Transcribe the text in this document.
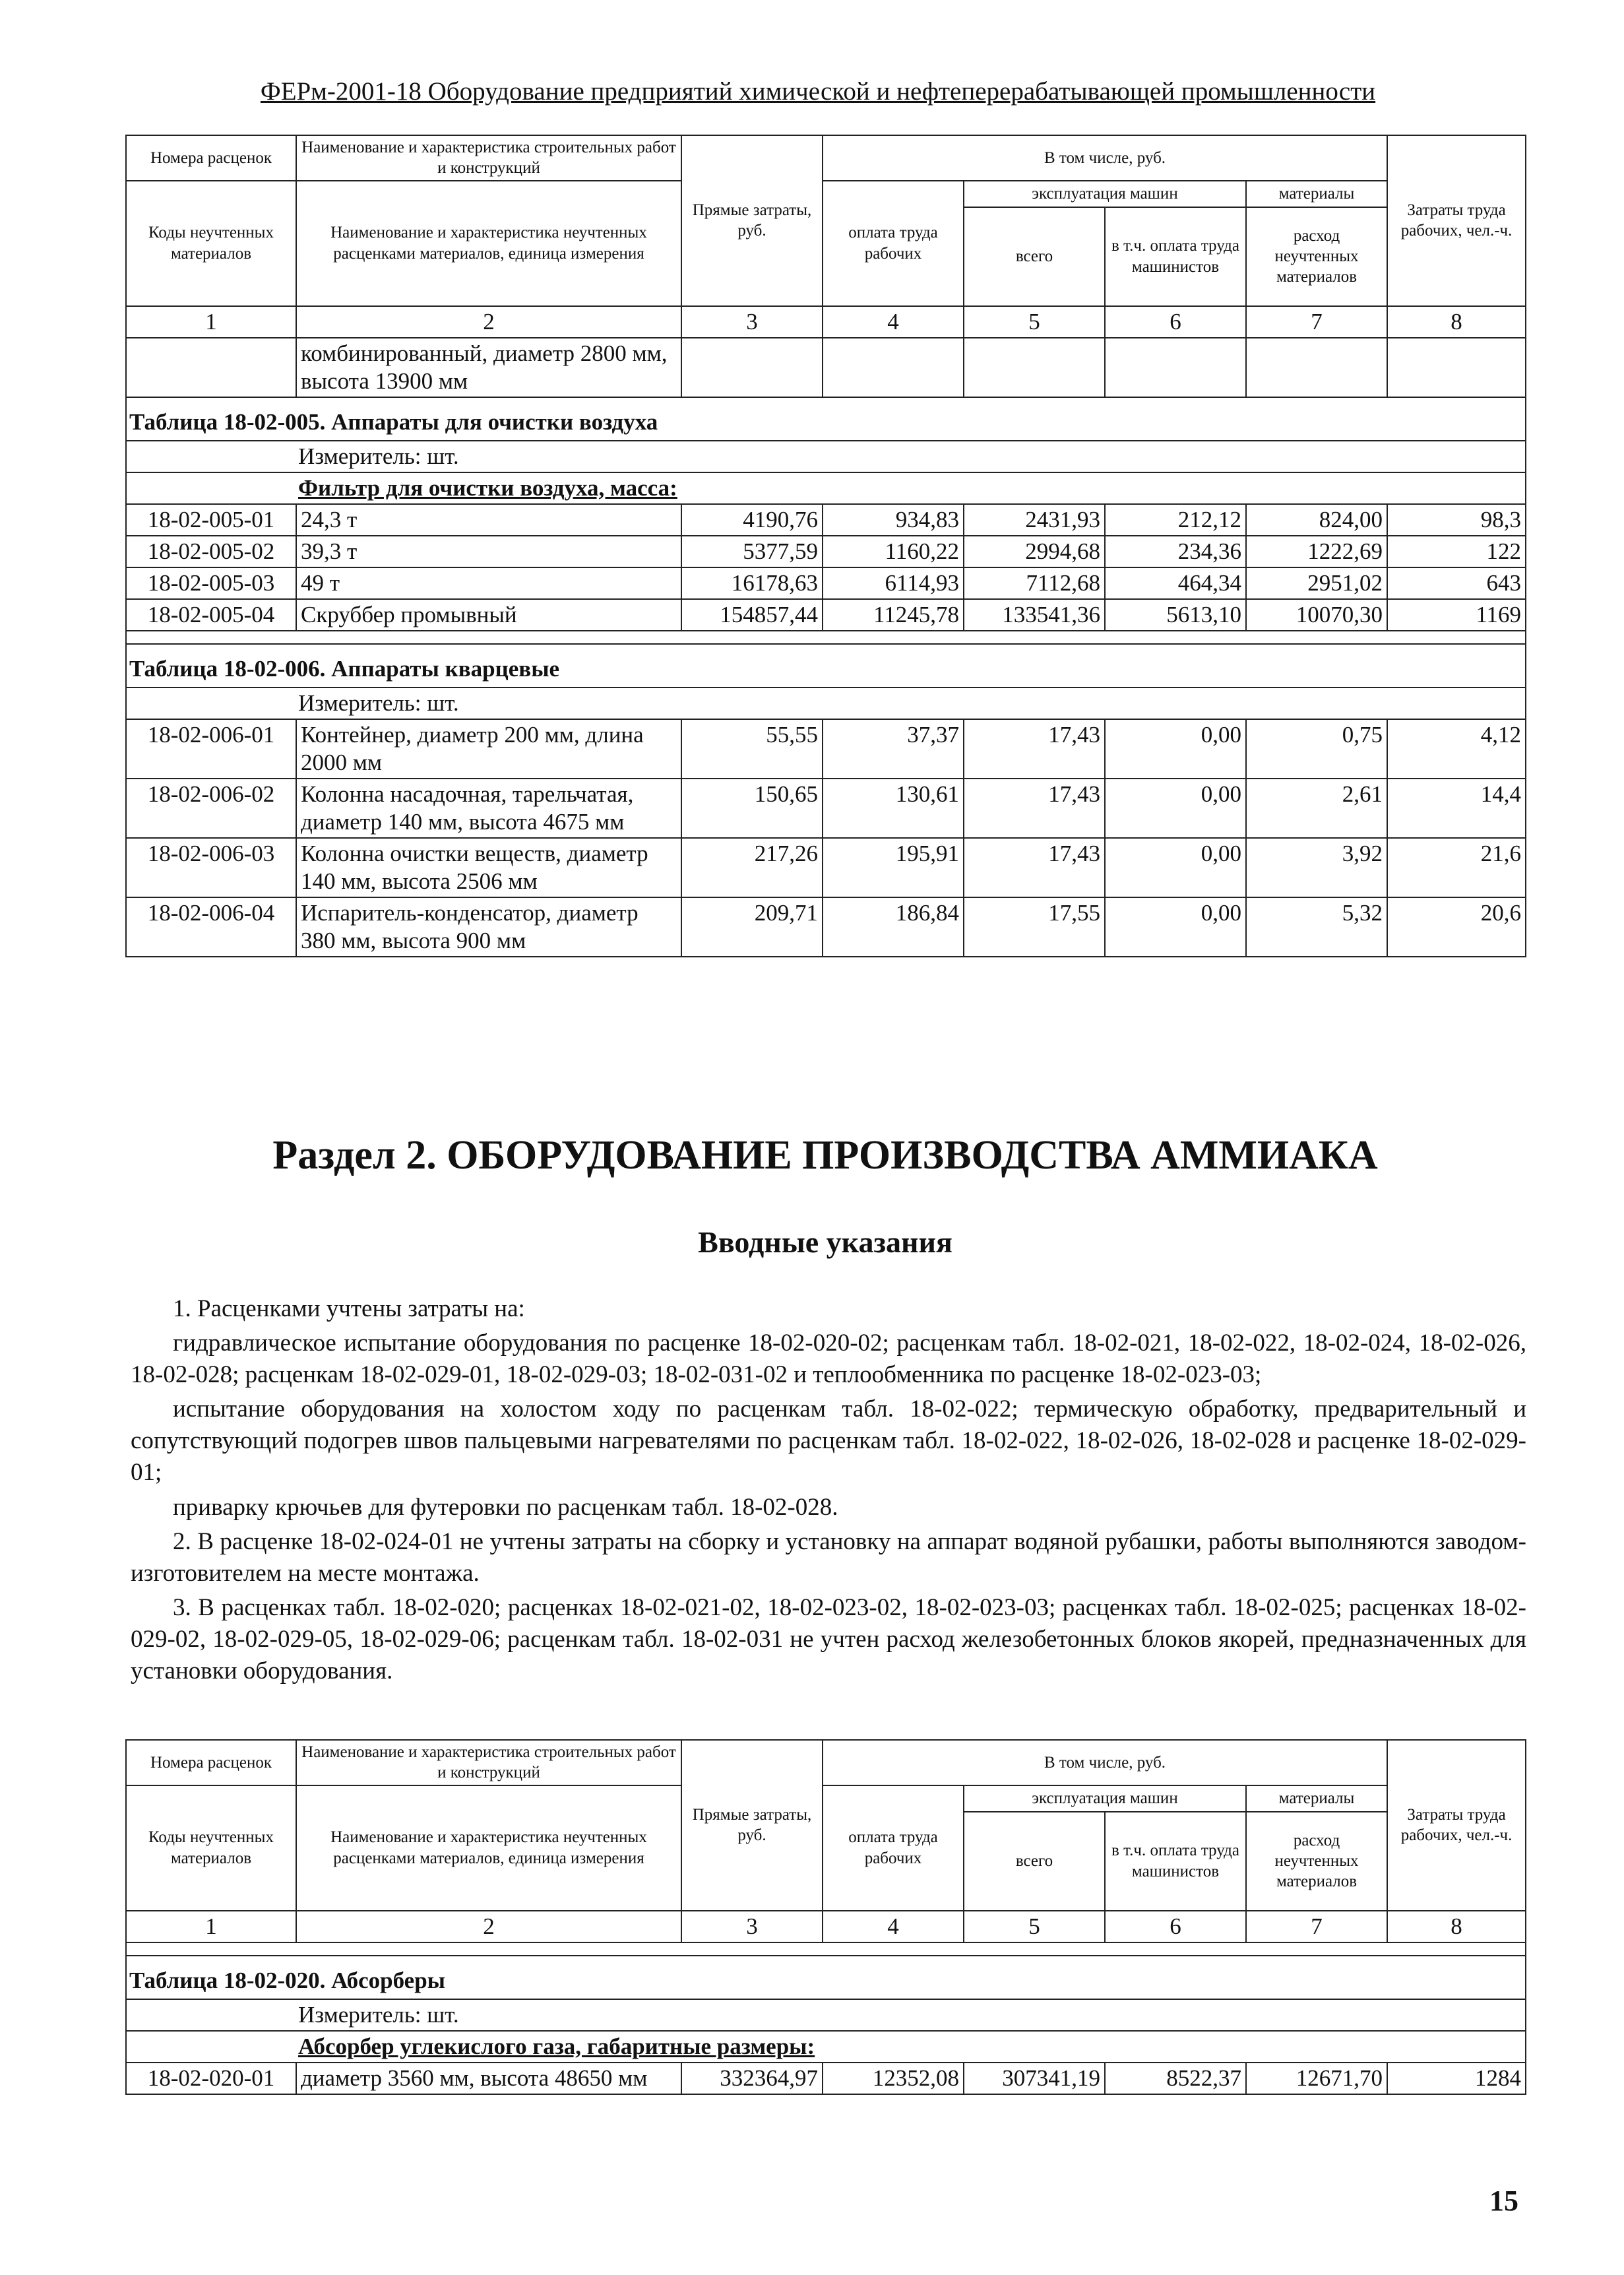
ФЕРм-2001-18 Оборудование предприятий химической и нефтеперерабатывающей промышленности
Номера расценок	Наименование и характеристика строительных работ и конструкций	Прямые затраты, руб.	В том числе, руб.				Затраты труда рабочих, чел.-ч.
Коды неучтенных материалов	Наименование и характеристика неучтенных расценками материалов, единица измерения		оплата труда рабочих	эксплуатация машин		материалы	
				всего	в т.ч. оплата труда машинистов	расход неучтенных материалов	
1	2	3	4	5	6	7	8
	комбинированный, диаметр 2800 мм, высота 13900 мм						
Таблица 18-02-005. Аппараты для очистки воздуха							
Измеритель: шт.							
Фильтр для очистки воздуха, масса:							
18-02-005-01	24,3 т	4190,76	934,83	2431,93	212,12	824,00	98,3
18-02-005-02	39,3 т	5377,59	1160,22	2994,68	234,36	1222,69	122
18-02-005-03	49 т	16178,63	6114,93	7112,68	464,34	2951,02	643
18-02-005-04	Скруббер промывный	154857,44	11245,78	133541,36	5613,10	10070,30	1169

Таблица 18-02-006. Аппараты кварцевые							
Измеритель: шт.							
18-02-006-01	Контейнер, диаметр 200 мм, длина 2000 мм	55,55	37,37	17,43	0,00	0,75	4,12
18-02-006-02	Колонна насадочная, тарельчатая, диаметр 140 мм, высота 4675 мм	150,65	130,61	17,43	0,00	2,61	14,4
18-02-006-03	Колонна очистки веществ, диаметр 140 мм, высота 2506 мм	217,26	195,91	17,43	0,00	3,92	21,6
18-02-006-04	Испаритель-конденсатор, диаметр 380 мм, высота 900 мм	209,71	186,84	17,55	0,00	5,32	20,6
Раздел 2. ОБОРУДОВАНИЕ ПРОИЗВОДСТВА АММИАКА
Вводные указания

1. Расценками учтены затраты на:

гидравлическое испытание оборудования по расценке 18-02-020-02; расценкам табл. 18-02-021, 18-02-022, 18-02-024, 18-02-026, 18-02-028; расценкам 18-02-029-01, 18-02-029-03; 18-02-031-02 и теплообменника по расценке 18-02-023-03;

испытание оборудования на холостом ходу по расценкам табл. 18-02-022; термическую обработку, предварительный и сопутствующий подогрев швов пальцевыми нагревателями по расценкам табл. 18-02-022, 18-02-026, 18-02-028 и расценке 18-02-029-01;

приварку крючьев для футеровки по расценкам табл. 18-02-028.

2. В расценке 18-02-024-01 не учтены затраты на сборку и установку на аппарат водяной рубашки, работы выполняются заводом-изготовителем на месте монтажа.

3. В расценках табл. 18-02-020; расценках 18-02-021-02, 18-02-023-02, 18-02-023-03; расценках табл. 18-02-025; расценках 18-02-029-02, 18-02-029-05, 18-02-029-06; расценкам табл. 18-02-031 не учтен расход железобетонных блоков якорей, предназначенных для установки оборудования.

Номера расценок	Наименование и характеристика строительных работ и конструкций	Прямые затраты, руб.	В том числе, руб.				Затраты труда рабочих, чел.-ч.
Коды неучтенных материалов	Наименование и характеристика неучтенных расценками материалов, единица измерения		оплата труда рабочих	эксплуатация машин		материалы	
				всего	в т.ч. оплата труда машинистов	расход неучтенных материалов	
1	2	3	4	5	6	7	8

Таблица 18-02-020. Абсорберы							
Измеритель: шт.							
Абсорбер углекислого газа, габаритные размеры:							
18-02-020-01	диаметр 3560 мм, высота 48650 мм	332364,97	12352,08	307341,19	8522,37	12671,70	1284
15
